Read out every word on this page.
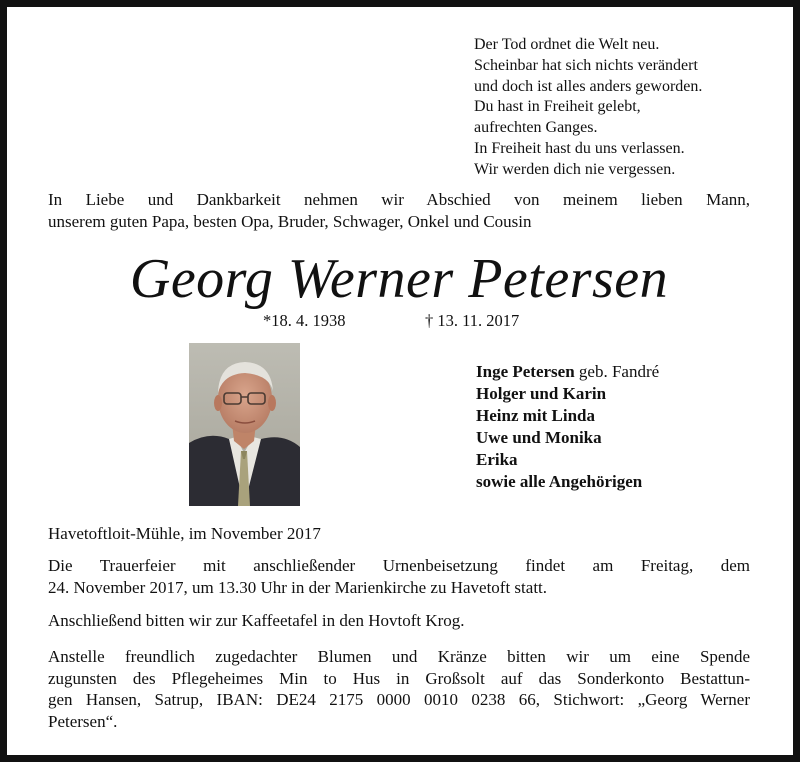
Der Tod ordnet die Welt neu.
Scheinbar hat sich nichts verändert
und doch ist alles anders geworden.
Du hast in Freiheit gelebt,
aufrechten Ganges.
In Freiheit hast du uns verlassen.
Wir werden dich nie vergessen.
In Liebe und Dankbarkeit nehmen wir Abschied von meinem lieben Mann,
unserem guten Papa, besten Opa, Bruder, Schwager, Onkel und Cousin
Georg Werner Petersen
*18. 4. 1938	† 13. 11. 2017
Inge Petersen geb. Fandré
Holger und Karin
Heinz mit Linda
Uwe und Monika
Erika
sowie alle Angehörigen
Havetoftloit-Mühle, im November 2017
Die Trauerfeier mit anschließender Urnenbeisetzung findet am Freitag, dem
24. November 2017, um 13.30 Uhr in der Marienkirche zu Havetoft statt.
Anschließend bitten wir zur Kaffeetafel in den Hovtoft Krog.
Anstelle freundlich zugedachter Blumen und Kränze bitten wir um eine Spende
zugunsten des Pflegeheimes Min to Hus in Großsolt auf das Sonderkonto Bestattun-
gen Hansen, Satrup, IBAN: DE24 2175 0000 0010 0238 66, Stichwort: „Georg Werner
Petersen“.
